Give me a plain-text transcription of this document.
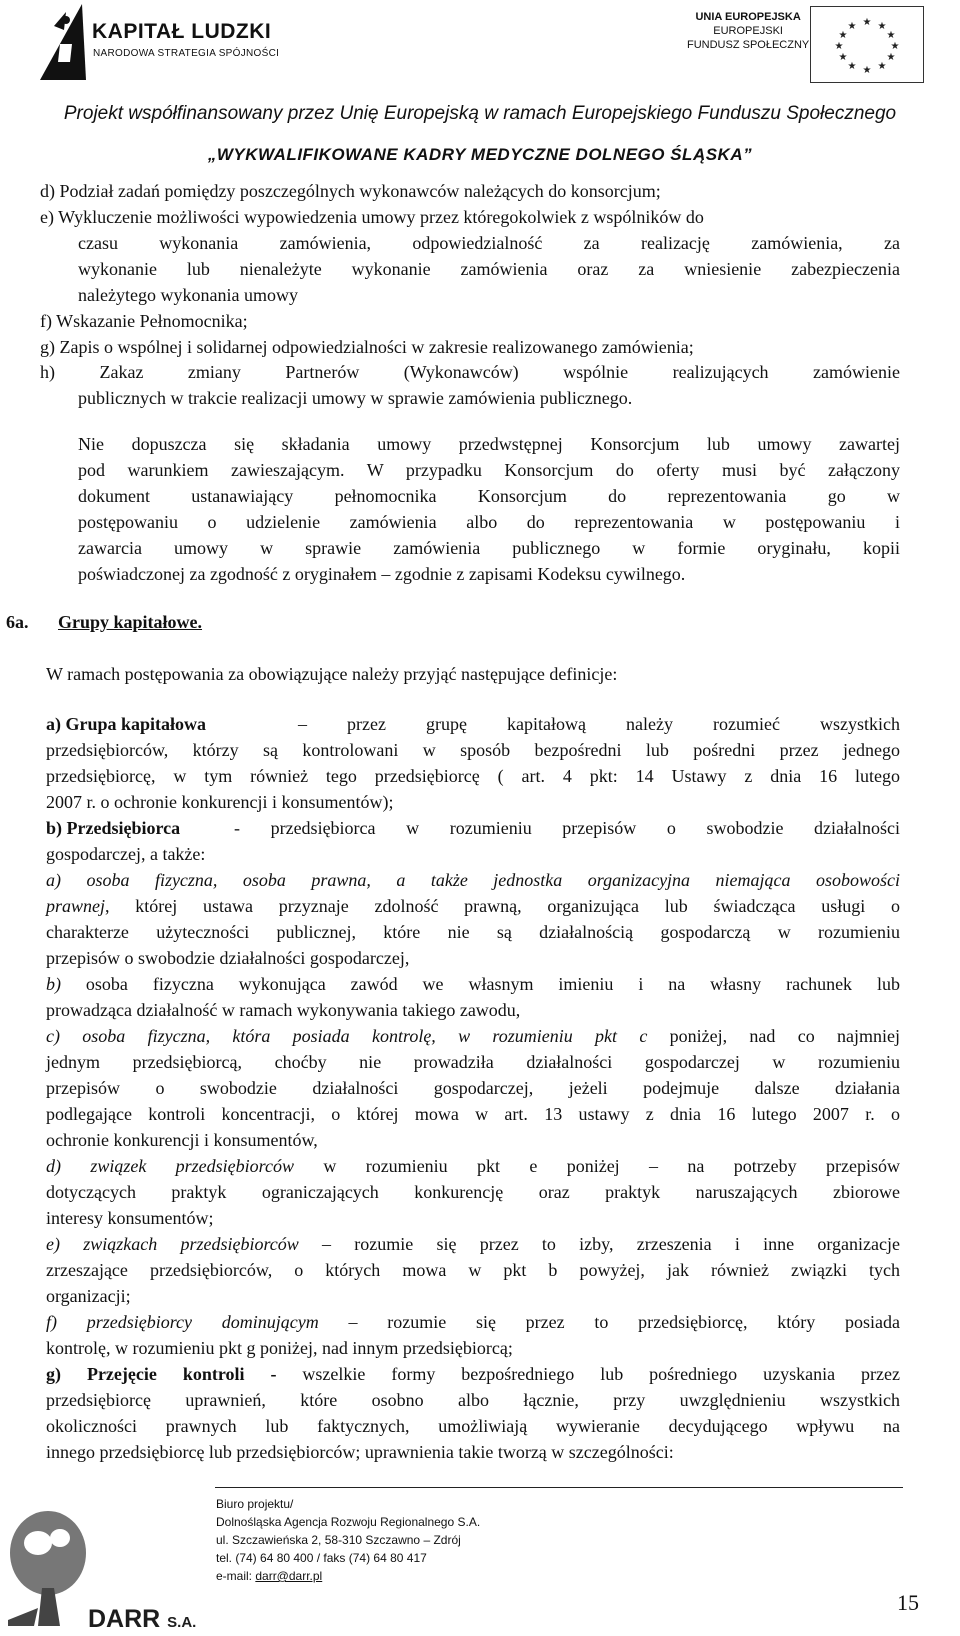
KAPITAŁ LUDZKI
NARODOWA STRATEGIA SPÓJNOŚCI
UNIA EUROPEJSKA
EUROPEJSKI
FUNDUSZ SPOŁECZNY
★ ★
★
★
★
★
★
★
★
★
★
★
Projekt współfinansowany przez Unię Europejską w ramach Europejskiego Funduszu Społecznego
„WYKWALIFIKOWANE KADRY MEDYCZNE DOLNEGO ŚLĄSKA”
d) Podział zadań pomiędzy poszczególnych wykonawców należących do konsorcjum;
e) Wykluczenie możliwości wypowiedzenia umowy przez któregokolwiek z wspólników do
czasu wykonania zamówienia, odpowiedzialność za realizację zamówienia, za
wykonanie lub nienależyte wykonanie zamówienia oraz za wniesienie zabezpieczenia
należytego wykonania umowy
f) Wskazanie Pełnomocnika;
g) Zapis o wspólnej i solidarnej odpowiedzialności w zakresie realizowanego zamówienia;
h) Zakaz zmiany Partnerów (Wykonawców) wspólnie realizujących zamówienie
publicznych w trakcie realizacji umowy w sprawie zamówienia publicznego.
Nie dopuszcza się składania umowy przedwstępnej Konsorcjum lub umowy zawartej
pod warunkiem zawieszającym. W przypadku Konsorcjum do oferty musi być załączony
dokument ustanawiający pełnomocnika Konsorcjum do reprezentowania go w
postępowaniu o udzielenie zamówienia albo do reprezentowania w postępowaniu i
zawarcia umowy w sprawie zamówienia publicznego w formie oryginału, kopii
poświadczonej za zgodność z oryginałem – zgodnie z zapisami Kodeksu cywilnego.
6a. Grupy kapitałowe.
W ramach postępowania za obowiązujące należy przyjąć następujące definicje:
a) Grupa kapitałowa	– przez grupę kapitałową należy rozumieć wszystkich
przedsiębiorców, którzy są kontrolowani w sposób bezpośredni lub pośredni przez jednego
przedsiębiorcę, w tym również tego przedsiębiorcę ( art. 4 pkt: 14 Ustawy z dnia 16 lutego
2007 r. o ochronie konkurencji i konsumentów);
b) Przedsiębiorca	- przedsiębiorca w rozumieniu przepisów o swobodzie działalności
gospodarczej, a także:
a) osoba fizyczna, osoba prawna, a także jednostka organizacyjna niemająca osobowości
prawnej, której ustawa przyznaje zdolność prawną, organizująca lub świadcząca usługi o
charakterze użyteczności publicznej, które nie są działalnością gospodarczą w rozumieniu
przepisów o swobodzie działalności gospodarczej,
b) osoba fizyczna wykonująca zawód we własnym imieniu i na własny rachunek lub
prowadząca działalność w ramach wykonywania takiego zawodu,
c) osoba fizyczna, która posiada kontrolę, w rozumieniu pkt c poniżej, nad co najmniej
jednym przedsiębiorcą, choćby nie prowadziła działalności gospodarczej w rozumieniu
przepisów o swobodzie działalności gospodarczej, jeżeli podejmuje dalsze działania
podlegające kontroli koncentracji, o której mowa w art. 13 ustawy z dnia 16 lutego 2007 r. o
ochronie konkurencji i konsumentów,
d) związek przedsiębiorców w rozumieniu pkt e poniżej – na potrzeby przepisów
dotyczących praktyk ograniczających konkurencję oraz praktyk naruszających zbiorowe
interesy konsumentów;
e) związkach przedsiębiorców – rozumie się przez to izby, zrzeszenia i inne organizacje
zrzeszające przedsiębiorców, o których mowa w pkt b powyżej, jak również związki tych
organizacji;
f) przedsiębiorcy dominującym – rozumie się przez to przedsiębiorcę, który posiada
kontrolę, w rozumieniu pkt g poniżej, nad innym przedsiębiorcą;
g) Przejęcie kontroli - wszelkie formy bezpośredniego lub pośredniego uzyskania przez
przedsiębiorcę uprawnień, które osobno albo łącznie, przy uwzględnieniu wszystkich
okoliczności prawnych lub faktycznych, umożliwiają wywieranie decydującego wpływu na
innego przedsiębiorcę lub przedsiębiorców; uprawnienia takie tworzą w szczególności:
DARR S.A.
Biuro projektu/
Dolnośląska Agencja Rozwoju Regionalnego S.A.
ul. Szczawieńska 2, 58-310 Szczawno – Zdrój
tel. (74) 64 80 400 / faks (74) 64 80 417
e-mail: darr@darr.pl
15
